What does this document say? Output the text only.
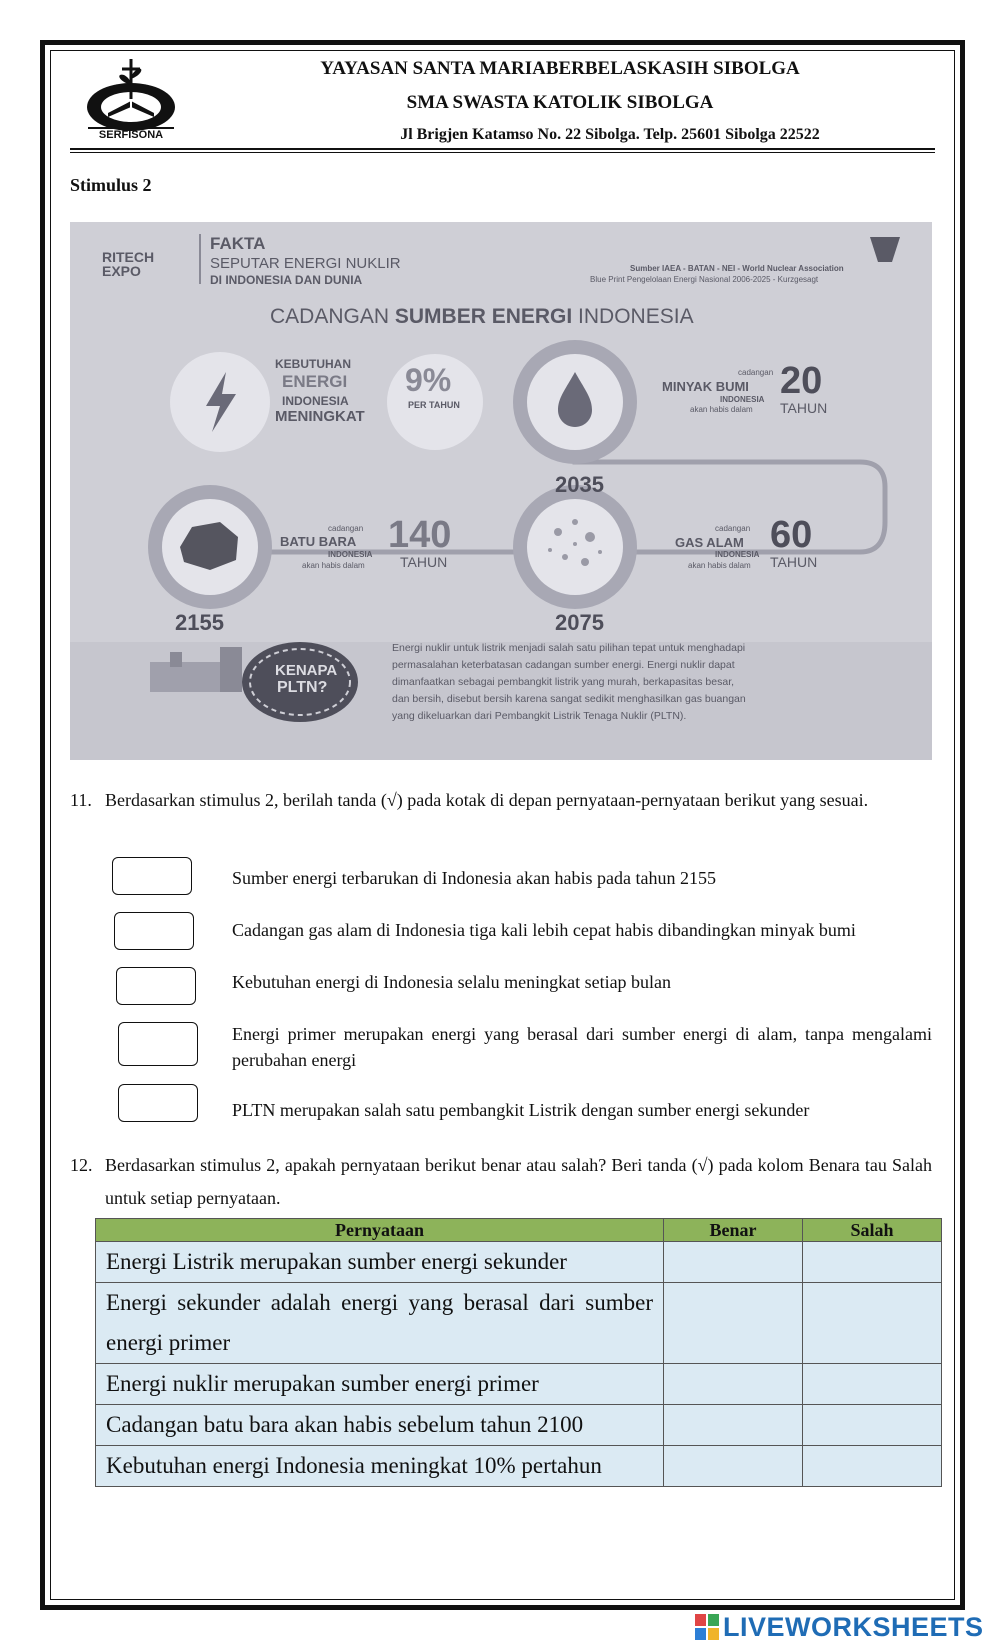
SERFISONA
YAYASAN SANTA MARIABERBELASKASIH SIBOLGA
SMA SWASTA KATOLIK SIBOLGA
Jl Brigjen Katamso No. 22 Sibolga. Telp. 25601 Sibolga 22522
Stimulus 2
RITECH EXPO
FAKTA
SEPUTAR ENERGI NUKLIR
DI INDONESIA DAN DUNIA
Sumber IAEA - BATAN - NEI - World Nuclear Association
Blue Print Pengelolaan Energi Nasional 2006-2025 - Kurzgesagt
CADANGAN SUMBER ENERGI INDONESIA
KEBUTUHAN
ENERGI
INDONESIA
MENINGKAT
9%
PER TAHUN
cadangan
MINYAK BUMI
INDONESIA
akan habis dalam
20
TAHUN
2035
cadangan
BATU BARA
INDONESIA
akan habis dalam
140
TAHUN
2155
cadangan
GAS ALAM
INDONESIA
akan habis dalam
60
TAHUN
2075
KENAPA
PLTN?
Energi nuklir untuk listrik menjadi salah satu pilihan tepat untuk menghadapi
permasalahan keterbatasan cadangan sumber energi. Energi nuklir dapat
dimanfaatkan sebagai pembangkit listrik yang murah, berkapasitas besar,
dan bersih, disebut bersih karena sangat sedikit menghasilkan gas buangan
yang dikeluarkan dari Pembangkit Listrik Tenaga Nuklir (PLTN).
11. Berdasarkan stimulus 2, berilah tanda (√) pada kotak di depan pernyataan-pernyataan berikut yang sesuai.
Sumber energi terbarukan di Indonesia akan habis pada tahun 2155
Cadangan gas alam di Indonesia tiga kali lebih cepat habis dibandingkan minyak bumi
Kebutuhan energi di Indonesia selalu meningkat setiap bulan
Energi primer merupakan energi yang berasal dari sumber energi di alam, tanpa mengalami perubahan energi
PLTN merupakan salah satu pembangkit Listrik dengan sumber energi sekunder
12. Berdasarkan stimulus 2, apakah pernyataan berikut benar atau salah? Beri tanda (√) pada kolom Benara tau Salah untuk setiap pernyataan.
Pernyataan	Benar	Salah
Energi Listrik merupakan sumber energi sekunder		
Energi sekunder adalah energi yang berasal dari sumber energi primer		
Energi nuklir merupakan sumber energi primer		
Cadangan batu bara akan habis sebelum tahun 2100		
Kebutuhan energi Indonesia meningkat 10% pertahun		
LIVEWORKSHEETS
